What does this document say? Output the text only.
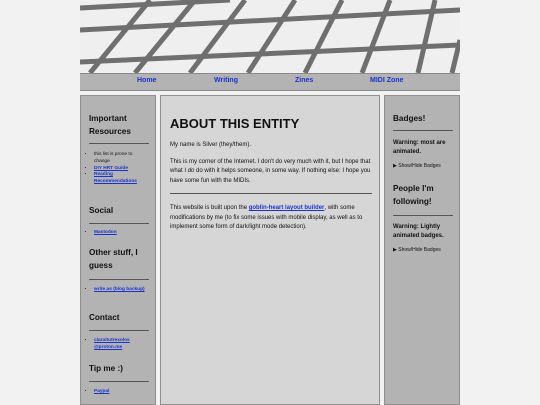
Home	Writing	Zines	MIDI Zone
Important Resources
• this list is prone to change
• DIY HRT Guide
• Reading Recommendations
Social
• Mastodon
Other stuff, I guess
• write.as (blog backup)
Contact
• claraitutrexolos @proton.me
Tip me :)
• Paypal
ABOUT THIS ENTITY

My name is Silver (they/them).

This is my corner of the Internet. I don't do very much with it, but I hope that what I do do with it helps someone, in some way. If nothing else: I hope you have some fun with the MIDIs.

This website is built upon the goblin-heart layout builder, with some modifications by me (to fix some issues with mobile display, as well as to implement some form of dark/light mode detection).

Badges!

Warning: most are animated.

▶ Show/Hide Badges

People I'm following!

Warning: Lightly animated badges.

▶ Show/Hide Badges
